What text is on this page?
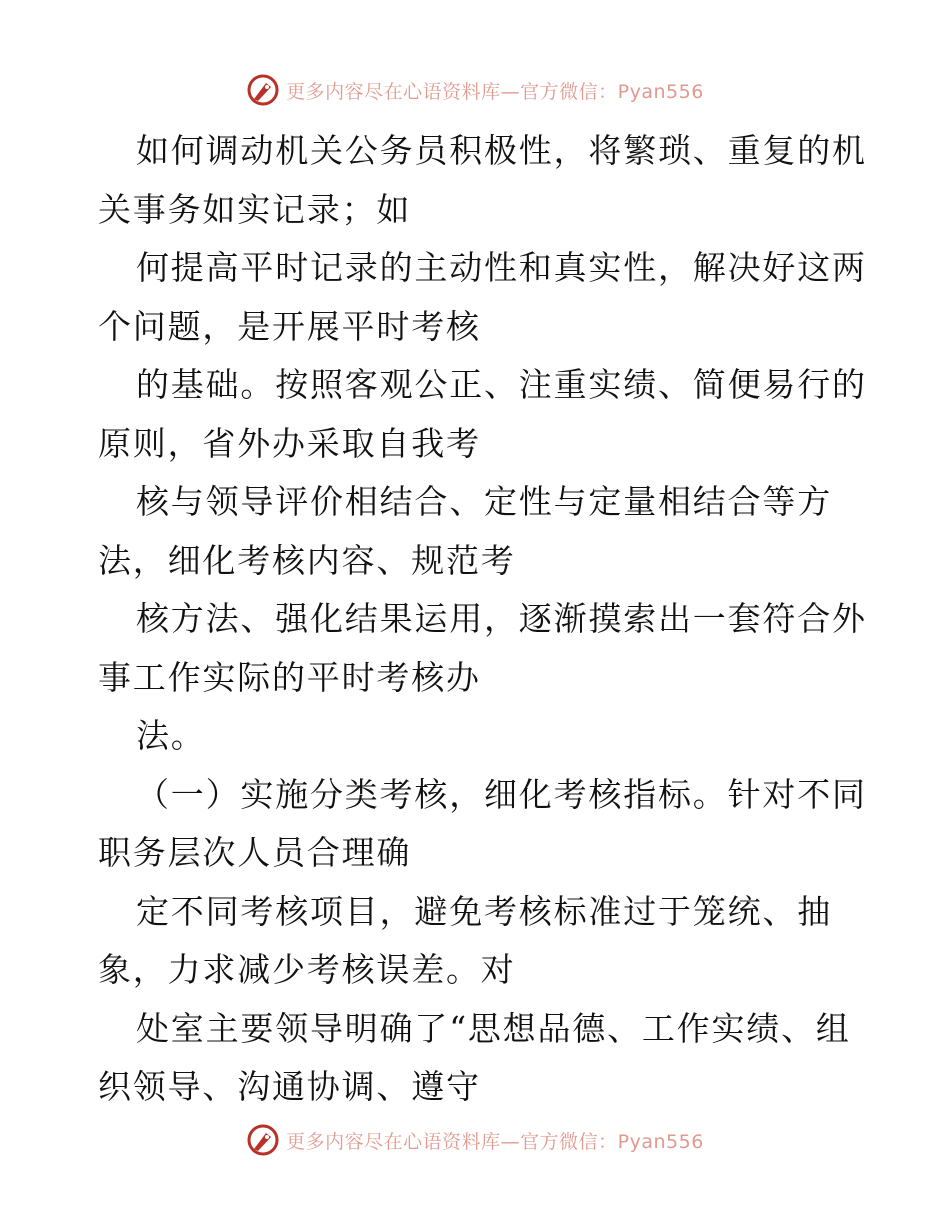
更多内容尽在心语资料库—官方微信：Pyan556
如何调动机关公务员积极性，将繁琐、重复的机
关事务如实记录；如
何提高平时记录的主动性和真实性，解决好这两
个问题，是开展平时考核
的基础。按照客观公正、注重实绩、简便易行的
原则，省外办采取自我考
核与领导评价相结合、定性与定量相结合等方
法，细化考核内容、规范考
核方法、强化结果运用，逐渐摸索出一套符合外
事工作实际的平时考核办
法。
（一）实施分类考核，细化考核指标。针对不同
职务层次人员合理确
定不同考核项目，避免考核标准过于笼统、抽
象，力求减少考核误差。对
处室主要领导明确了“思想品德、工作实绩、组
织领导、沟通协调、遵守
更多内容尽在心语资料库—官方微信：Pyan556
